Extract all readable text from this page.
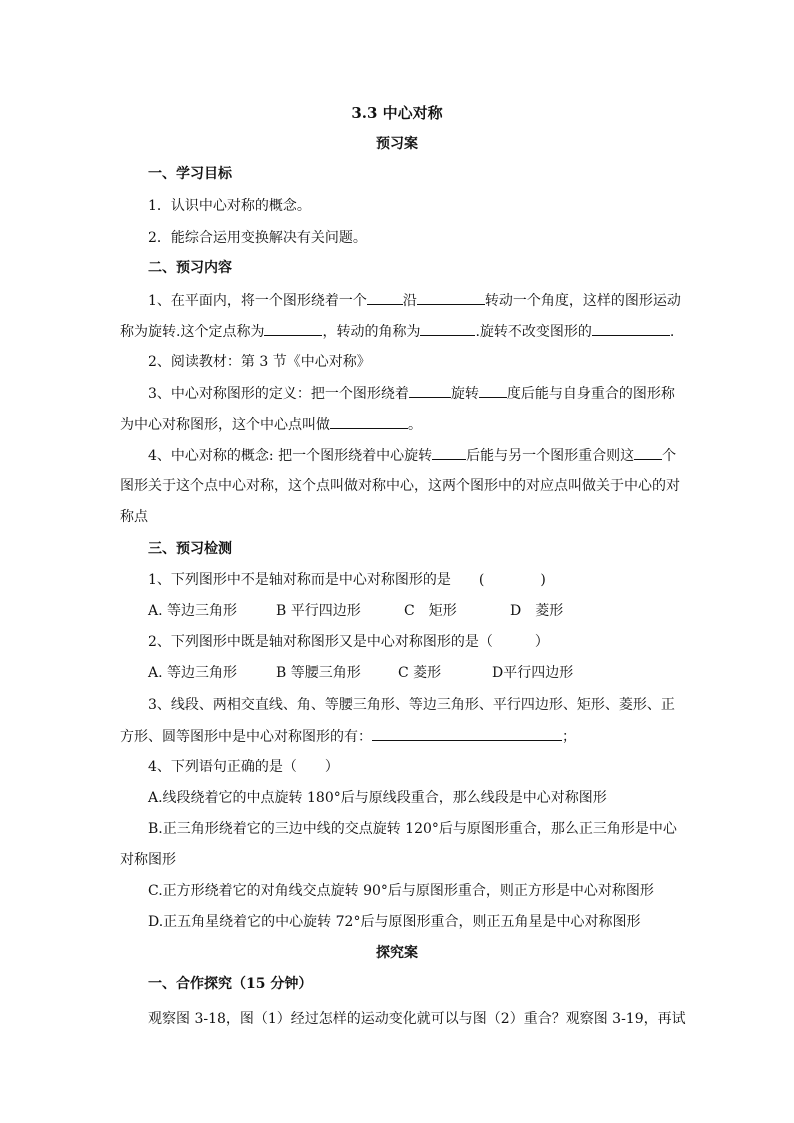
3.3 中心对称
预习案
一、学习目标
1．认识中心对称的概念。
2．能综合运用变换解决有关问题。
二、预习内容
1、在平面内，将一个图形绕着一个	沿	转动一个角度，这样的图形运动
称为旋转.这个定点称为	，转动的角称为	.旋转不改变图形的	.
2、阅读教材：第 3 节《中心对称》
3、中心对称图形的定义：把一个图形绕着	旋转 度后能与自身重合的图形称
为中心对称图形，这个中心点叫做	。
4、中心对称的概念: 把一个图形绕着中心旋转 后能与另一个图形重合则这 个
图形关于这个点中心对称，这个点叫做对称中心，这两个图形中的对应点叫做关于中心的对
称点
三、预习检测
1、下列图形中不是轴对称而是中心对称图形的是　　(　　　　)
A. 等边三角形	B 平行四边形	C　矩形	D　菱形
2、下列图形中既是轴对称图形又是中心对称图形的是（　　　）
A. 等边三角形	B 等腰三角形	C 菱形	D平行四边形
3、线段、两相交直线、角、等腰三角形、等边三角形、平行四边形、矩形、菱形、正
方形、圆等图形中是中心对称图形的有：	；
4、下列语句正确的是（　　）
A.线段绕着它的中点旋转 180°后与原线段重合，那么线段是中心对称图形
B.正三角形绕着它的三边中线的交点旋转 120°后与原图形重合，那么正三角形是中心
对称图形
C.正方形绕着它的对角线交点旋转 90°后与原图形重合，则正方形是中心对称图形
D.正五角星绕着它的中心旋转 72°后与原图形重合，则正五角星是中心对称图形
探究案
一、合作探究（15 分钟）
观察图 3-18，图（1）经过怎样的运动变化就可以与图（2）重合？观察图 3-19，再试
